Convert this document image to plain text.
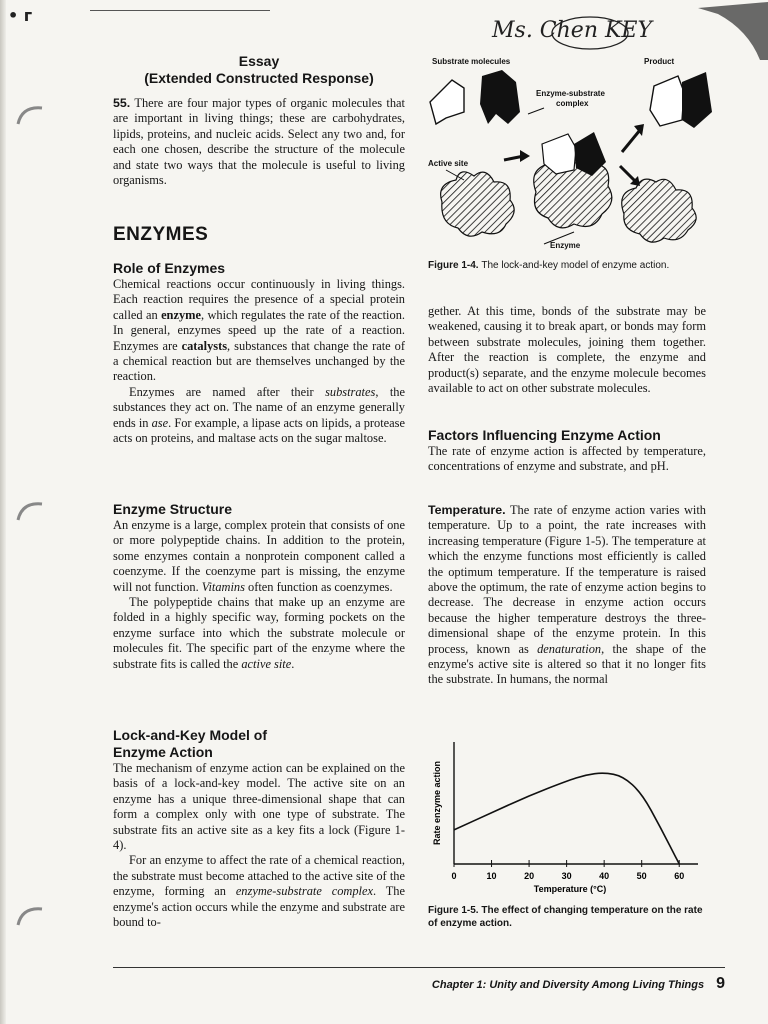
• ᴦ
Ms. Chen KEY
Essay
(Extended Constructed Response)

55. There are four major types of organic molecules that are important in living things; these are carbohydrates, lipids, proteins, and nucleic acids. Select any two and, for each one chosen, describe the structure of the molecule and state two ways that the molecule is useful to living organisms.

ENZYMES
Role of Enzymes

Chemical reactions occur continuously in living things. Each reaction requires the presence of a special protein called an enzyme, which regulates the rate of the reaction. In general, enzymes speed up the rate of a reaction. Enzymes are catalysts, substances that change the rate of a chemical reaction but are themselves unchanged by the reaction.

Enzymes are named after their substrates, the substances they act on. The name of an enzyme generally ends in ase. For example, a lipase acts on lipids, a protease acts on proteins, and maltase acts on the sugar maltose.

Enzyme Structure

An enzyme is a large, complex protein that consists of one or more polypeptide chains. In addition to the protein, some enzymes contain a nonprotein component called a coenzyme. If the coenzyme part is missing, the enzyme will not function. Vitamins often function as coenzymes.

The polypeptide chains that make up an enzyme are folded in a highly specific way, forming pockets on the enzyme surface into which the substrate molecule or molecules fit. The specific part of the enzyme where the substrate fits is called the active site.

Lock-and-Key Model of
Enzyme Action

The mechanism of enzyme action can be explained on the basis of a lock-and-key model. The active site on an enzyme has a unique three-dimensional shape that can form a complex only with one type of substrate. The substrate fits an active site as a key fits a lock (Figure 1-4).

For an enzyme to affect the rate of a chemical reaction, the substrate must become attached to the active site of the enzyme, forming an enzyme-substrate complex. The enzyme's action occurs while the enzyme and substrate are bound to-

Substrate molecules	Product
Enzyme-substrate
complex
Active site
Enzyme
Figure 1-4. The lock-and-key model of enzyme action.

gether. At this time, bonds of the substrate may be weakened, causing it to break apart, or bonds may form between substrate molecules, joining them together. After the reaction is complete, the enzyme and product(s) separate, and the enzyme molecule becomes available to act on other substrate molecules.

Factors Influencing Enzyme Action

The rate of enzyme action is affected by temperature, concentrations of enzyme and substrate, and pH.

Temperature. The rate of enzyme action varies with temperature. Up to a point, the rate increases with increasing temperature (Figure 1-5). The temperature at which the enzyme functions most efficiently is called the optimum temperature. If the temperature is raised above the optimum, the rate of enzyme action begins to decrease. The decrease in enzyme action occurs because the higher temperature destroys the three-dimensional shape of the enzyme protein. In this process, known as denaturation, the shape of the enzyme's active site is altered so that it no longer fits the substrate. In humans, the normal

0	10	20	30	40	50	60
Temperature (°C)
Rate enzyme action
Figure 1-5. The effect of changing temperature on the rate of enzyme action.
Chapter 1: Unity and Diversity Among Living Things 9
